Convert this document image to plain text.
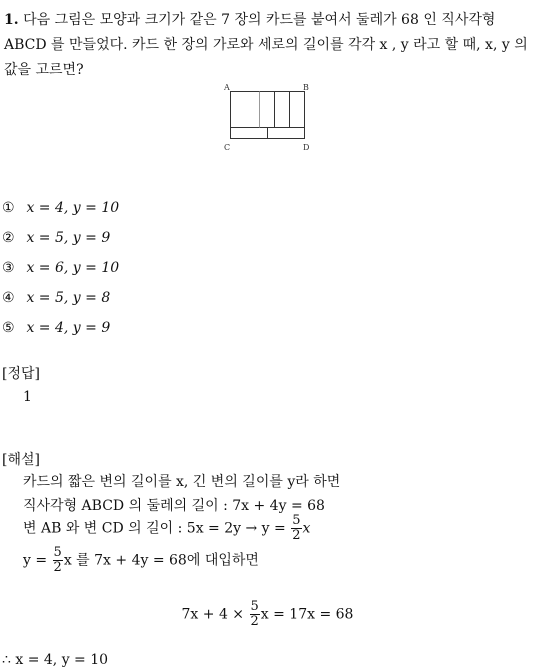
1. 다음 그림은 모양과 크기가 같은 7 장의 카드를 붙여서 둘레가 68 인 직사각형 ABCD 를 만들었다. 카드 한 장의 가로와 세로의 길이를 각각 x , y 라고 할 때, x, y 의 값을 고르면?
A	B
C	D
① x = 4, y = 10
② x = 5, y = 9
③ x = 6, y = 10
④ x = 5, y = 8
⑤ x = 4, y = 9
[정답]
1
[해설]
카드의 짧은 변의 길이를 x, 긴 변의 길이를 y라 하면
직사각형 ABCD 의 둘레의 길이 : 7x + 4y = 68
변 AB 와 변 CD 의 길이 : $5x = 2y \to y = \frac{5}{2}$ x
$y = \frac{5}{2}$ x 를 7x + 4y = 68에 대입하면
$7x + 4 \times \frac{5}{2}$ x = 17x = 68
∴ x = 4, y = 10
